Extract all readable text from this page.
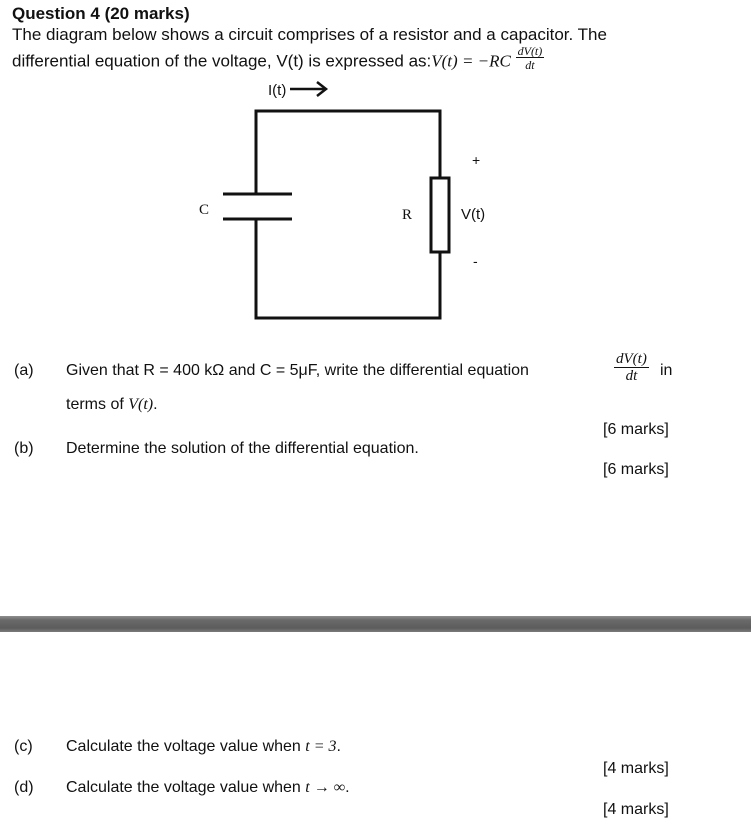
Question 4 (20 marks)
The diagram below shows a circuit comprises of a resistor and a capacitor. The
differential equation of the voltage, V(t) is expressed as:V(t) = $-RC \frac{dV(t)}{dt}$
+
-
I(t)
C	R	V(t)
(a) Given that R = 400 kΩ and C = 5μF, write the differential equation	$\frac{dV(t)}{dt}$ in
terms of V(t).
[6 marks]
(b) Determine the solution of the differential equation.
[6 marks]
(c) Calculate the voltage value when t = 3.
[4 marks]
(d) Calculate the voltage value when t → ∞.
[4 marks]
